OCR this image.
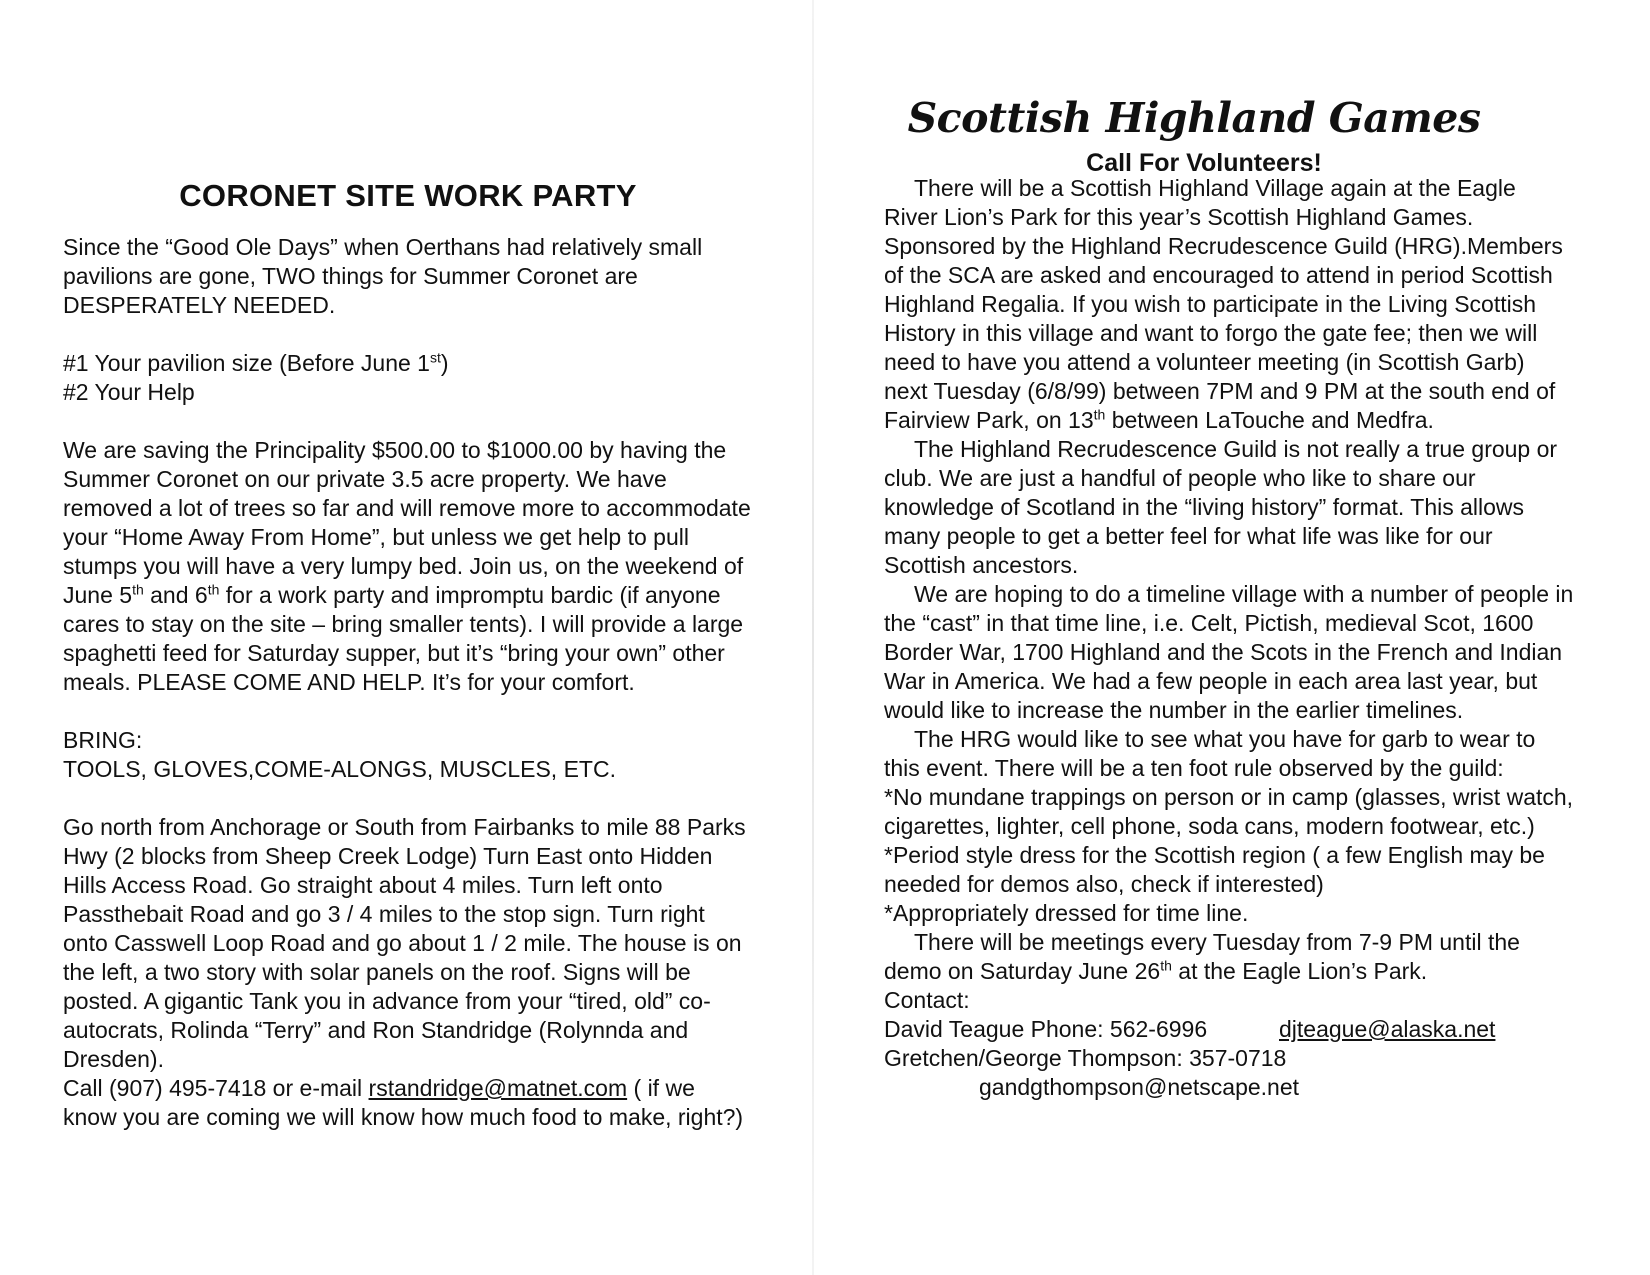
CORONET SITE WORK PARTY

Since the “Good Ole Days” when Oerthans had relatively small pavilions are gone, TWO things for Summer Coronet are DESPERATELY NEEDED.

#1 Your pavilion size (Before June 1st)

#2 Your Help

We are saving the Principality $500.00 to $1000.00 by having the Summer Coronet on our private 3.5 acre property. We have removed a lot of trees so far and will remove more to accommodate your “Home Away From Home”, but unless we get help to pull stumps you will have a very lumpy bed. Join us, on the weekend of June 5th and 6th for a work party and impromptu bardic (if anyone cares to stay on the site – bring smaller tents). I will provide a large spaghetti feed for Saturday supper, but it’s “bring your own” other meals. PLEASE COME AND HELP. It’s for your comfort.

BRING:

TOOLS, GLOVES,COME-ALONGS, MUSCLES, ETC.

Go north from Anchorage or South from Fairbanks to mile 88 Parks Hwy (2 blocks from Sheep Creek Lodge) Turn East onto Hidden Hills Access Road. Go straight about 4 miles. Turn left onto Passthebait Road and go 3 / 4 miles to the stop sign. Turn right onto Casswell Loop Road and go about 1 / 2 mile. The house is on the left, a two story with solar panels on the roof. Signs will be posted. A gigantic Tank you in advance from your “tired, old” co-autocrats, Rolinda “Terry” and Ron Standridge (Rolynnda and Dresden).

Call (907) 495-7418 or e-mail rstandridge@matnet.com ( if we know you are coming we will know how much food to make, right?)

Scottish Highland Games
Call For Volunteers!

There will be a Scottish Highland Village again at the Eagle River Lion’s Park for this year’s Scottish Highland Games. Sponsored by the Highland Recrudescence Guild (HRG).Members of the SCA are asked and encouraged to attend in period Scottish Highland Regalia. If you wish to participate in the Living Scottish History in this village and want to forgo the gate fee; then we will need to have you attend a volunteer meeting (in Scottish Garb) next Tuesday (6/8/99) between 7PM and 9 PM at the south end of Fairview Park, on 13th between LaTouche and Medfra.

The Highland Recrudescence Guild is not really a true group or club. We are just a handful of people who like to share our knowledge of Scotland in the “living history” format. This allows many people to get a better feel for what life was like for our Scottish ancestors.

We are hoping to do a timeline village with a number of people in the “cast” in that time line, i.e. Celt, Pictish, medieval Scot, 1600 Border War, 1700 Highland and the Scots in the French and Indian War in America. We had a few people in each area last year, but would like to increase the number in the earlier timelines.

The HRG would like to see what you have for garb to wear to this event. There will be a ten foot rule observed by the guild:

*No mundane trappings on person or in camp (glasses, wrist watch, cigarettes, lighter, cell phone, soda cans, modern footwear, etc.)

*Period style dress for the Scottish region ( a few English may be needed for demos also, check if interested)

*Appropriately dressed for time line.

There will be meetings every Tuesday from 7-9 PM until the demo on Saturday June 26th at the Eagle Lion’s Park.

Contact:

David Teague Phone: 562-6996	djteague@alaska.net

Gretchen/George Thompson: 357-0718

gandgthompson@netscape.net
